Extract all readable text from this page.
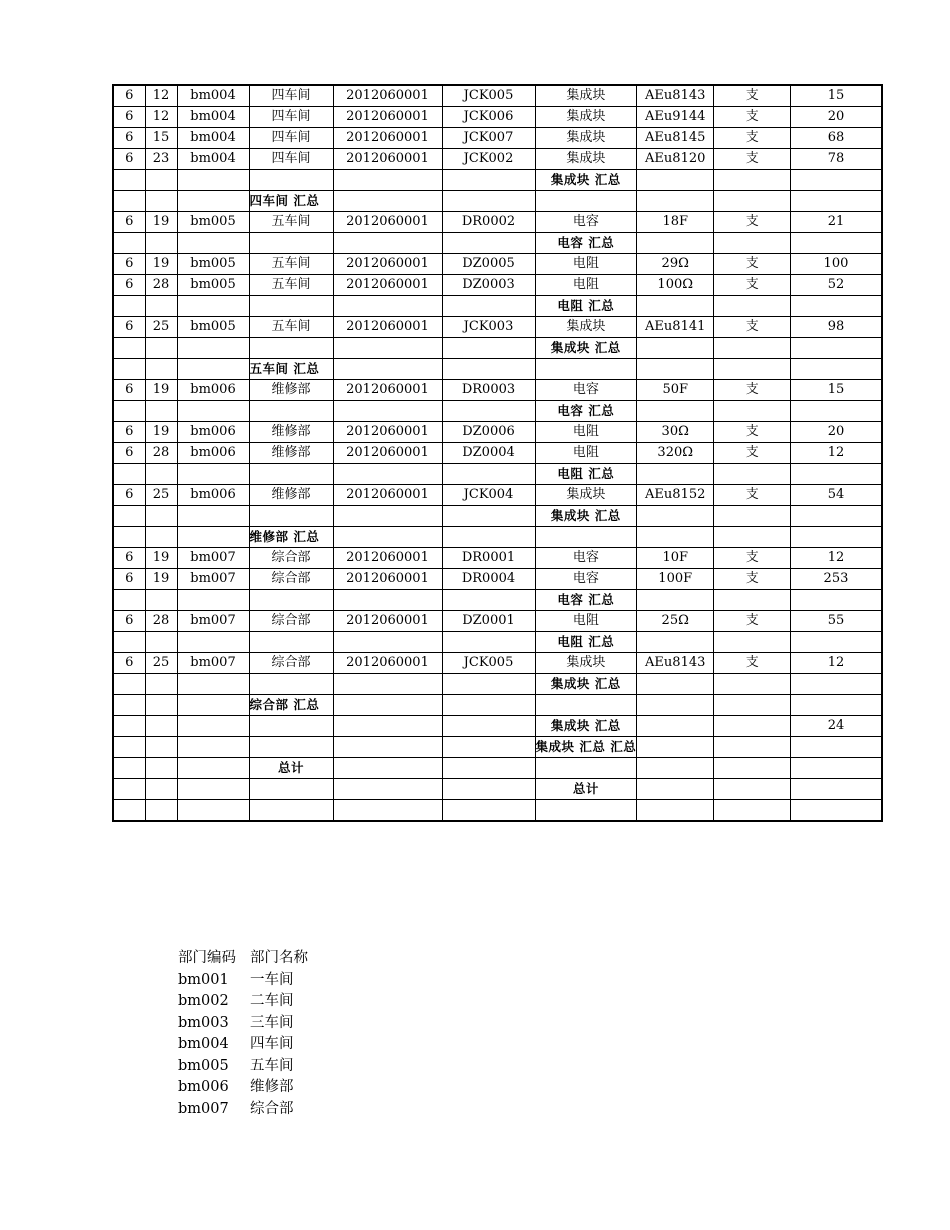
6	12	bm004	四车间	2012060001	JCK005	集成块	AEu8143	支	15
6	12	bm004	四车间	2012060001	JCK006	集成块	AEu9144	支	20
6	15	bm004	四车间	2012060001	JCK007	集成块	AEu8145	支	68
6	23	bm004	四车间	2012060001	JCK002	集成块	AEu8120	支	78
						集成块 汇总			
			四车间 汇总						
6	19	bm005	五车间	2012060001	DR0002	电容	18F	支	21
						电容 汇总			
6	19	bm005	五车间	2012060001	DZ0005	电阻	29Ω	支	100
6	28	bm005	五车间	2012060001	DZ0003	电阻	100Ω	支	52
						电阻 汇总			
6	25	bm005	五车间	2012060001	JCK003	集成块	AEu8141	支	98
						集成块 汇总			
			五车间 汇总						
6	19	bm006	维修部	2012060001	DR0003	电容	50F	支	15
						电容 汇总			
6	19	bm006	维修部	2012060001	DZ0006	电阻	30Ω	支	20
6	28	bm006	维修部	2012060001	DZ0004	电阻	320Ω	支	12
						电阻 汇总			
6	25	bm006	维修部	2012060001	JCK004	集成块	AEu8152	支	54
						集成块 汇总			
			维修部 汇总						
6	19	bm007	综合部	2012060001	DR0001	电容	10F	支	12
6	19	bm007	综合部	2012060001	DR0004	电容	100F	支	253
						电容 汇总			
6	28	bm007	综合部	2012060001	DZ0001	电阻	25Ω	支	55
						电阻 汇总			
6	25	bm007	综合部	2012060001	JCK005	集成块	AEu8143	支	12
						集成块 汇总			
			综合部 汇总						
						集成块 汇总			24
						集成块 汇总 汇总			
			总计						
						总计			

部门编码 部门名称
bm001	一车间
bm002	二车间
bm003	三车间
bm004	四车间
bm005	五车间
bm006	维修部
bm007	综合部
